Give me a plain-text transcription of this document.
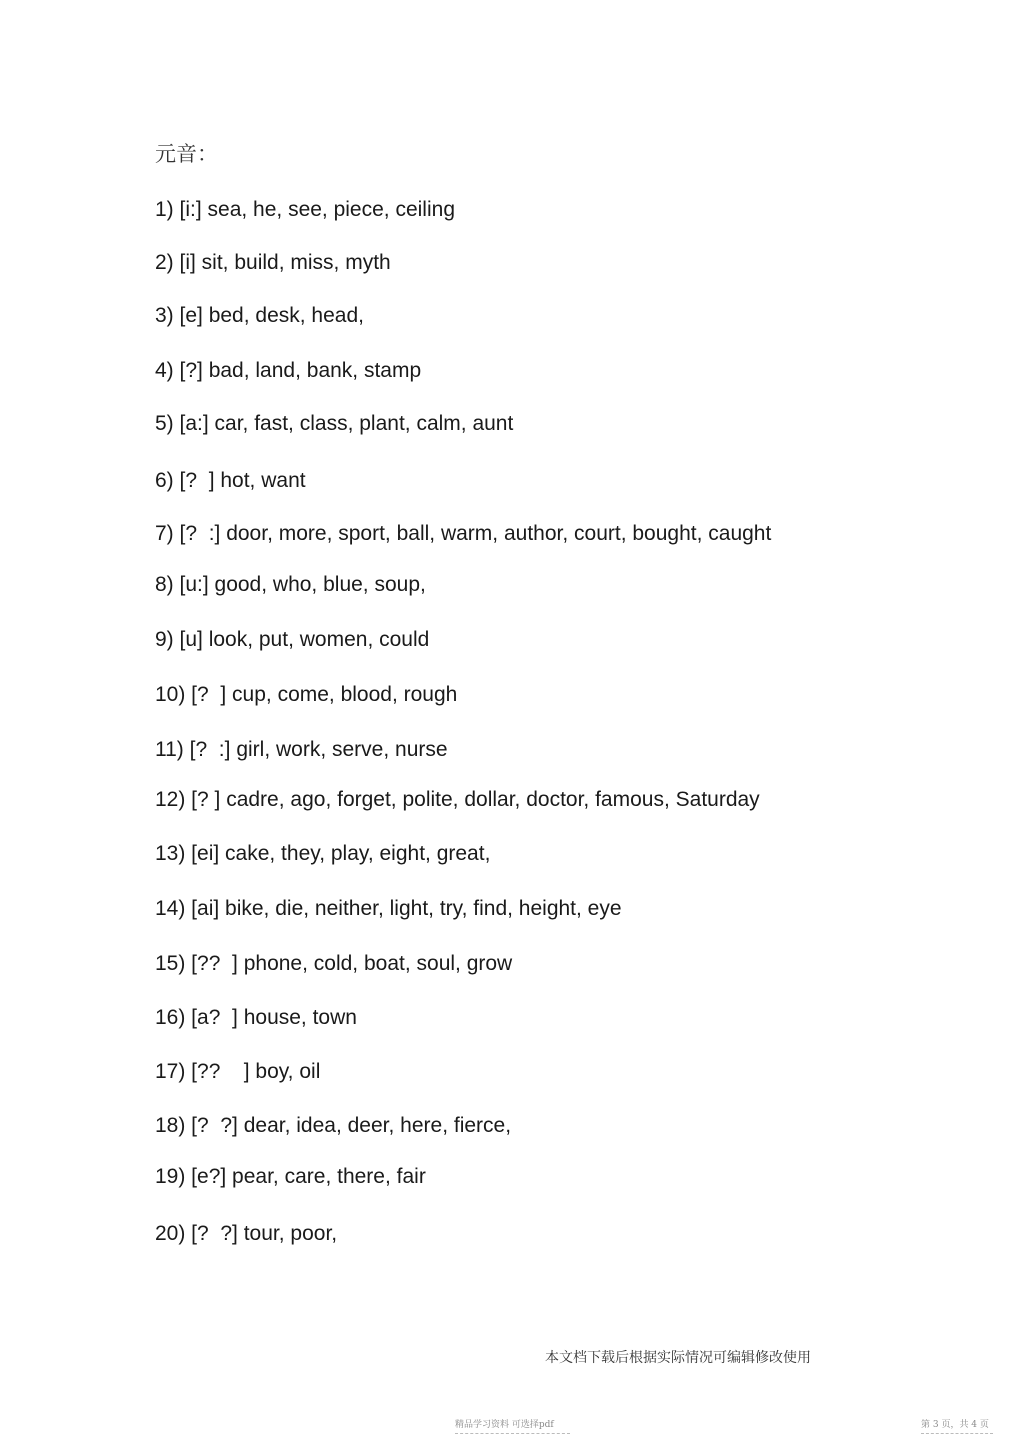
元音：
1) [i:] sea, he, see, piece, ceiling
2) [i] sit, build, miss, myth
3) [e] bed, desk, head,
4) [?] bad, land, bank, stamp
5) [a:] car, fast, class, plant, calm, aunt
6) [?  ] hot, want
7) [?  :] door, more, sport, ball, warm, author, court, bought, caught
8) [u:] good, who, blue, soup,
9) [u] look, put, women, could
10) [?  ] cup, come, blood, rough
11) [?  :] girl, work, serve, nurse
12) [? ] cadre, ago, forget, polite, dollar, doctor, famous, Saturday
13) [ei] cake, they, play, eight, great,
14) [ai] bike, die, neither, light, try, find, height, eye
15) [??  ] phone, cold, boat, soul, grow
16) [a?  ] house, town
17) [??    ] boy, oil
18) [?  ?] dear, idea, deer, here, fierce,
19) [e?] pear, care, there, fair
20) [?  ?] tour, poor,
本文档下载后根据实际情况可编辑修改使用
精品学习资料 可选择pdf	第 3 页，共 4 页
